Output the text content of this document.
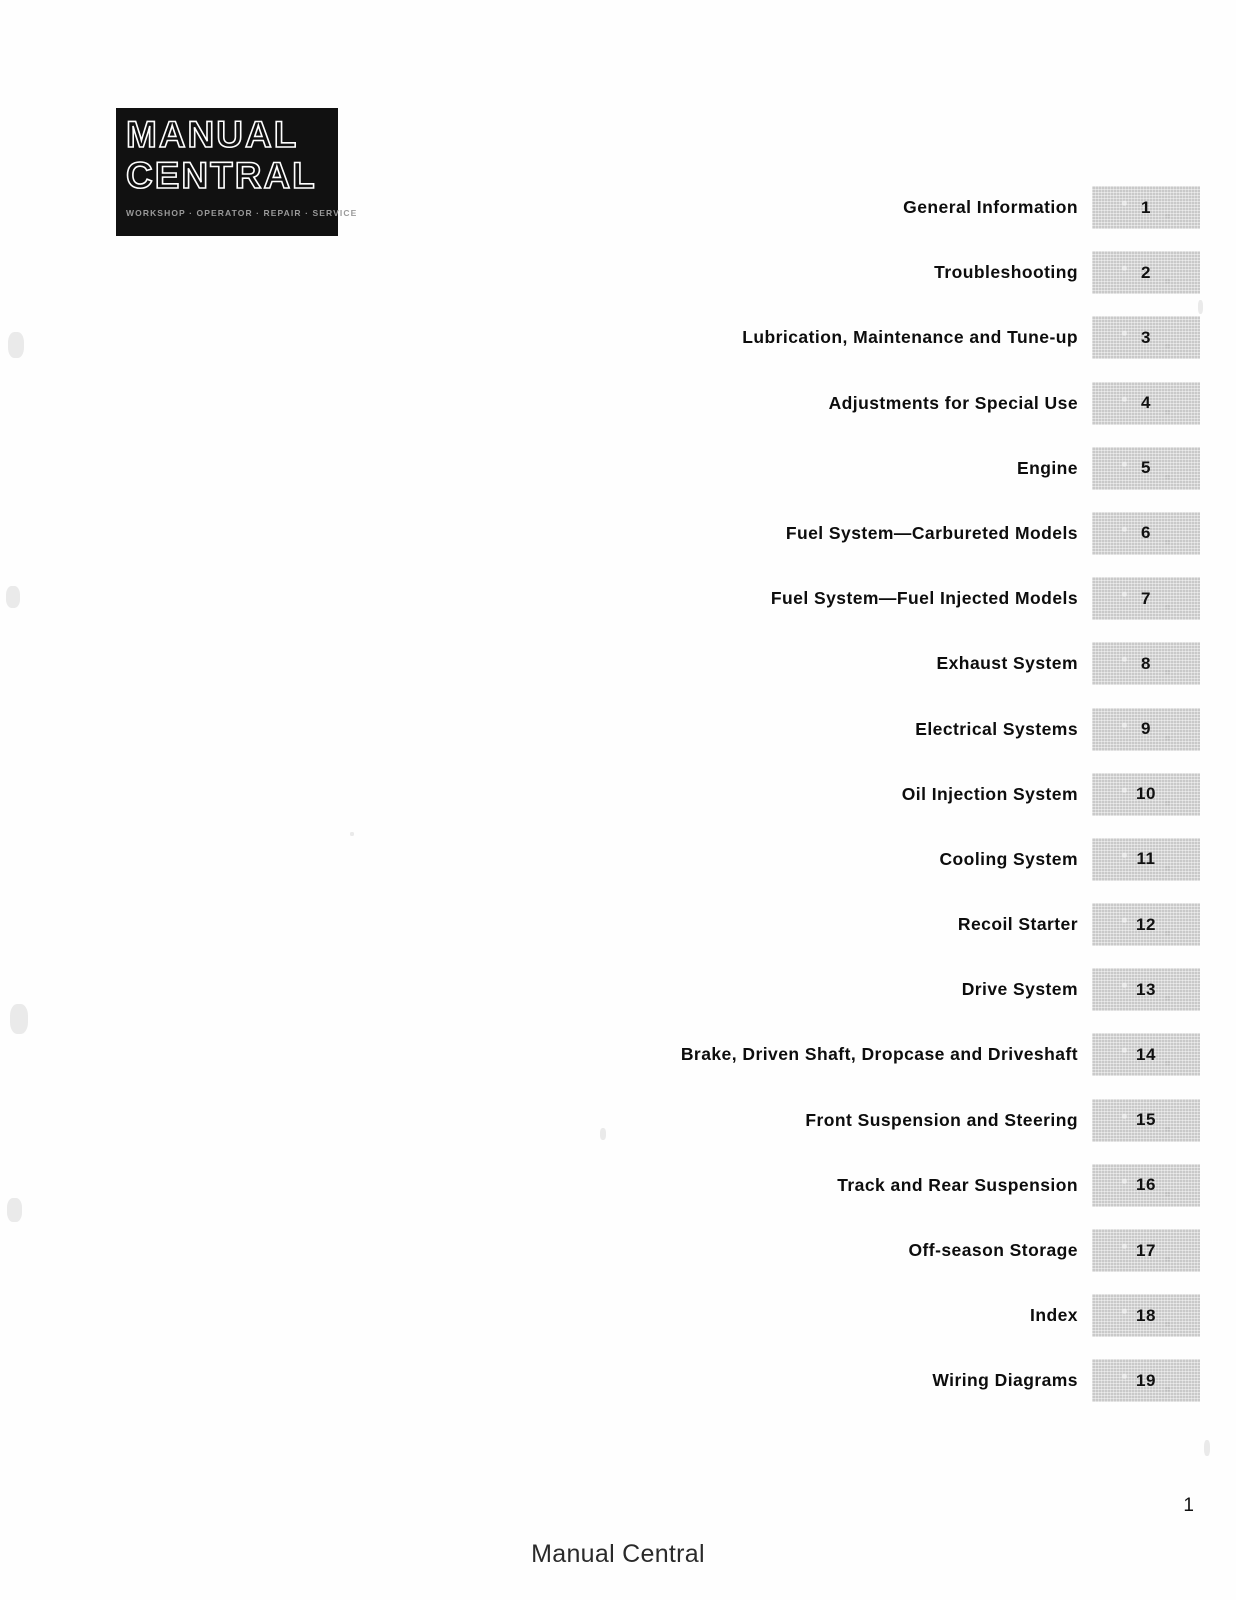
MANUAL
CENTRAL
WORKSHOP · OPERATOR · REPAIR · SERVICE	General Information	1
Troubleshooting	2
Lubrication, Maintenance and Tune-up	3
Adjustments for Special Use	4
Engine	5
Fuel System—Carbureted Models	6
Fuel System—Fuel Injected Models	7
Exhaust System	8
Electrical Systems	9
Oil Injection System	10
Cooling System	11
Recoil Starter	12
Drive System	13
Brake, Driven Shaft, Dropcase and Driveshaft	14
Front Suspension and Steering	15
Track and Rear Suspension	16
Off-season Storage	17
Index	18
Wiring Diagrams	19
1
Manual Central
